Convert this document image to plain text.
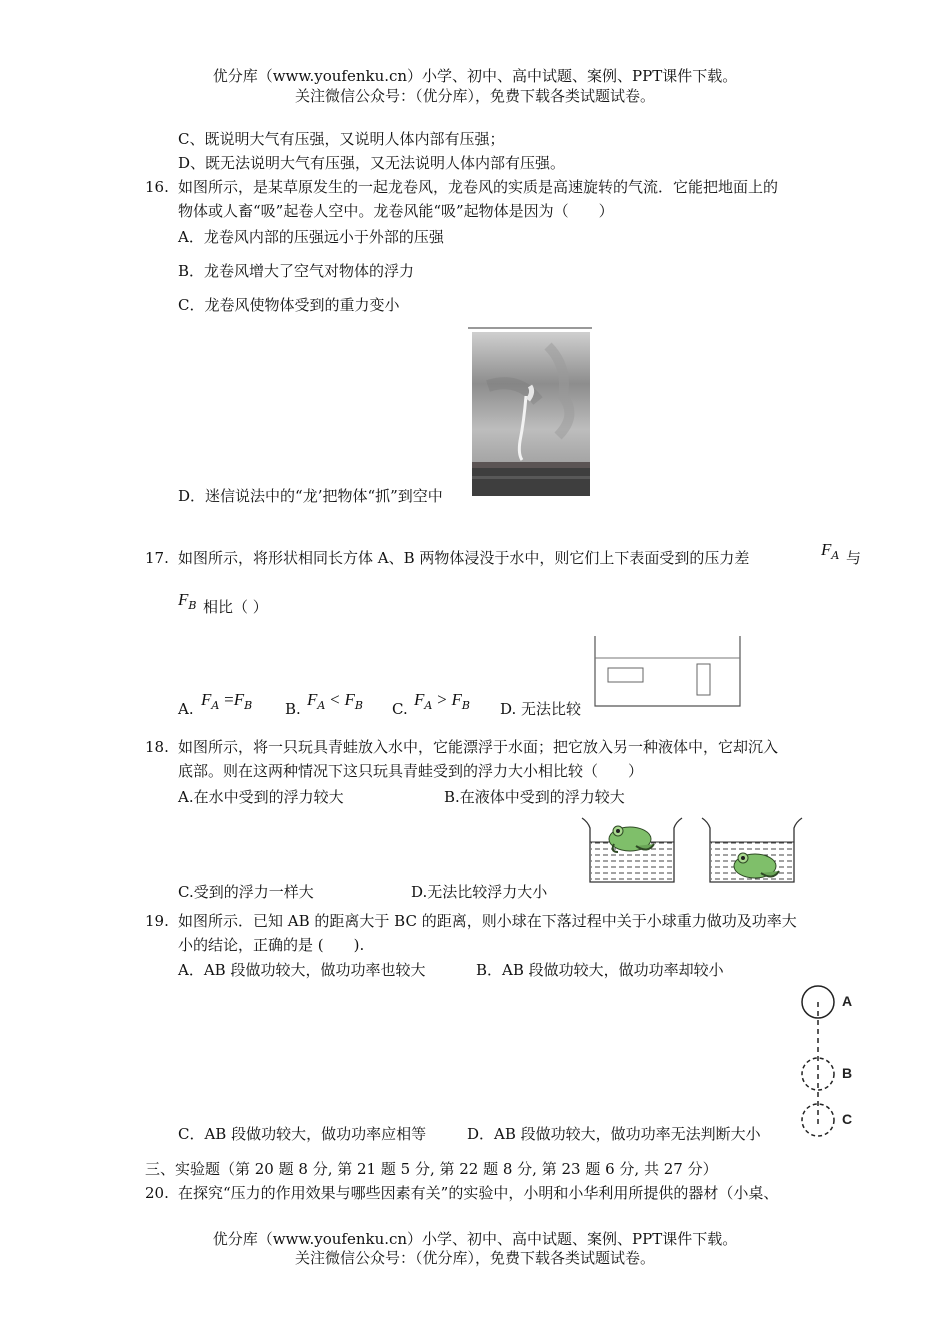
优分库（www.youfenku.cn）小学、初中、高中试题、案例、PPT课件下载。
关注微信公众号：（优分库），免费下载各类试题试卷。
C、既说明大气有压强，又说明人体内部有压强；
D、既无法说明大气有压强，又无法说明人体内部有压强。
16. 如图所示，是某草原发生的一起龙卷风，龙卷风的实质是高速旋转的气流．它能把地面上的
物体或人畜“吸”起卷人空中。龙卷风能“吸”起物体是因为（　　）
A．龙卷风内部的压强远小于外部的压强
B．龙卷风增大了空气对物体的浮力
C．龙卷风使物体受到的重力变小
D．迷信说法中的“龙’把物体“抓”到空中
17. 如图所示，将形状相同长方体 A、B 两物体浸没于水中，则它们上下表面受到的压力差	$F_A$ 与
$F_B$ 相比（ ）
A. $F_A =F_B$ B. $F_A < F_B$ C. $F_A > F_B$ D. 无法比较
18. 如图所示，将一只玩具青蛙放入水中，它能漂浮于水面；把它放入另一种液体中，它却沉入
底部。则在这两种情况下这只玩具青蛙受到的浮力大小相比较（　　）
A.在水中受到的浮力较大	B.在液体中受到的浮力较大
C.受到的浮力一样大	D.无法比较浮力大小
19. 如图所示．已知 AB 的距离大于 BC 的距离，则小球在下落过程中关于小球重力做功及功率大
小的结论，正确的是 (　　).
A．AB 段做功较大，做功功率也较大	B．AB 段做功较大，做功功率却较小
C．AB 段做功较大，做功功率应相等	D．AB 段做功较大，做功功率无法判断大小
A
B
C
三、实验题（第 20 题 8 分, 第 21 题 5 分, 第 22 题 8 分, 第 23 题 6 分, 共 27 分）
20. 在探究“压力的作用效果与哪些因素有关”的实验中，小明和小华利用所提供的器材（小桌、
优分库（www.youfenku.cn）小学、初中、高中试题、案例、PPT课件下载。
关注微信公众号：（优分库），免费下载各类试题试卷。
